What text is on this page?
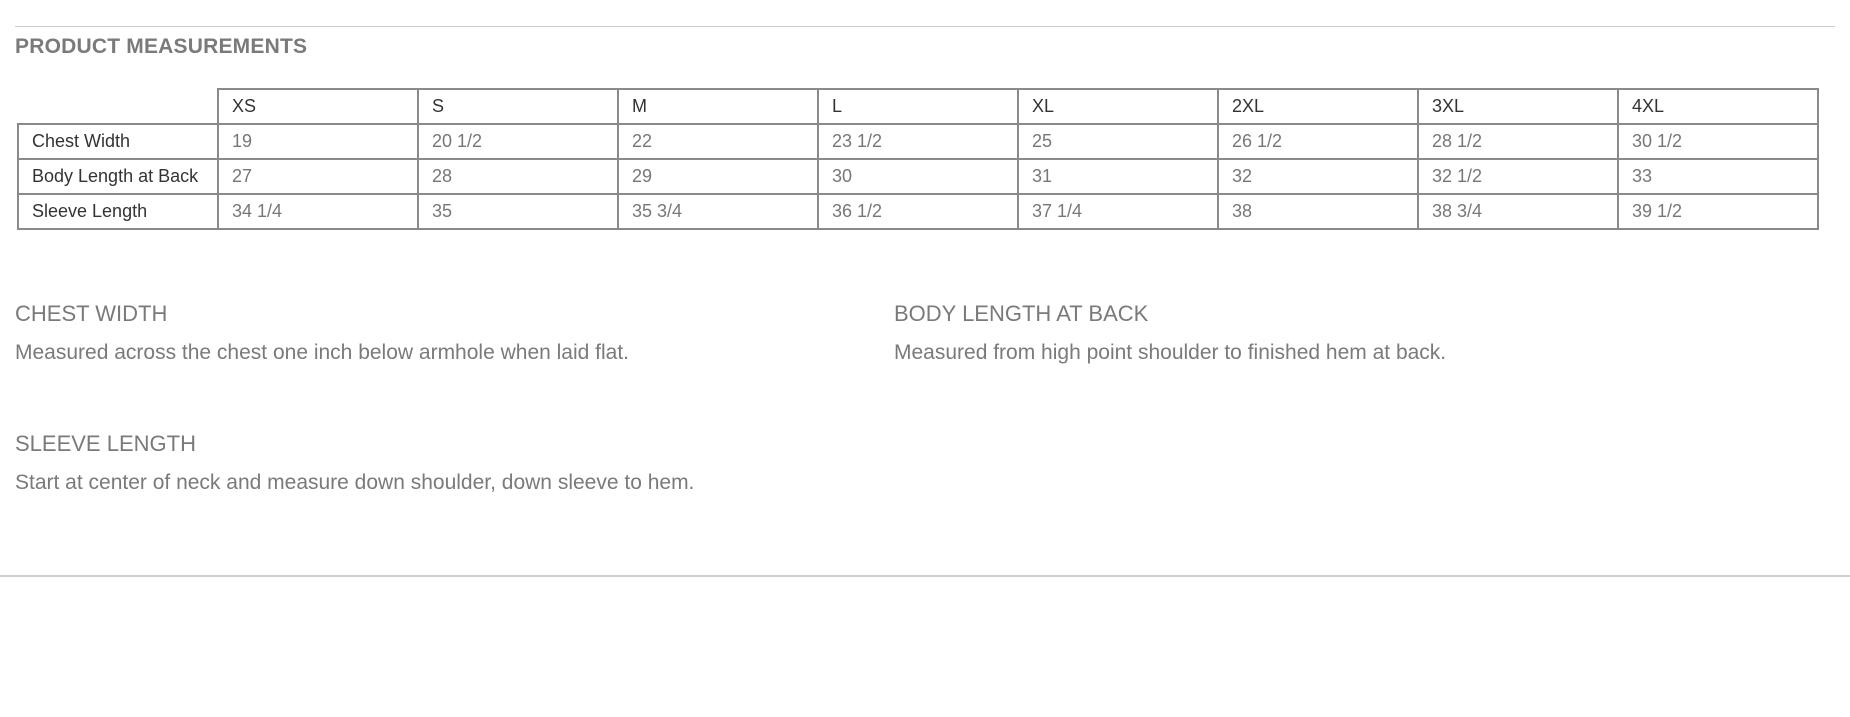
PRODUCT MEASUREMENTS
	XS	S	M	L	XL	2XL	3XL	4XL
Chest Width	19	20 1/2	22	23 1/2	25	26 1/2	28 1/2	30 1/2
Body Length at Back	27	28	29	30	31	32	32 1/2	33
Sleeve Length	34 1/4	35	35 3/4	36 1/2	37 1/4	38	38 3/4	39 1/2
CHEST WIDTH
Measured across the chest one inch below armhole when laid flat.
BODY LENGTH AT BACK
Measured from high point shoulder to finished hem at back.
SLEEVE LENGTH
Start at center of neck and measure down shoulder, down sleeve to hem.
